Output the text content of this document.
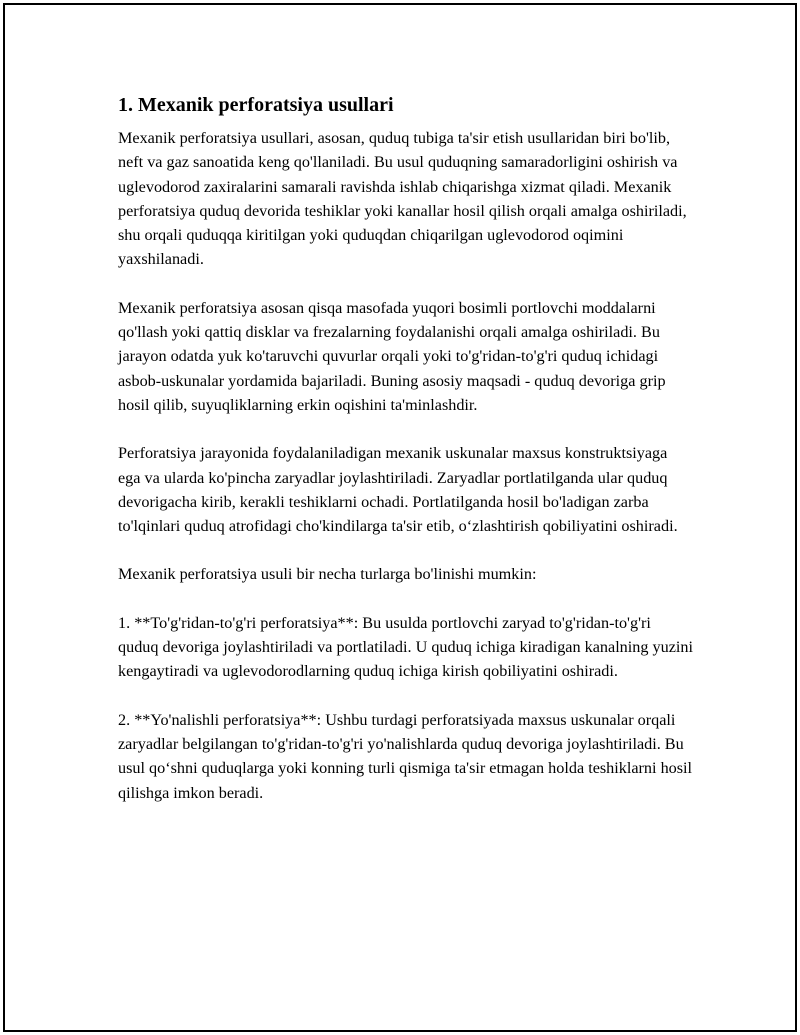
1. Mexanik perforatsiya usullari

Mexanik perforatsiya usullari, asosan, quduq tubiga ta'sir etish usullaridan biri bo'lib, neft va gaz sanoatida keng qo'llaniladi. Bu usul quduqning samaradorligini oshirish va uglevodorod zaxiralarini samarali ravishda ishlab chiqarishga xizmat qiladi. Mexanik perforatsiya quduq devorida teshiklar yoki kanallar hosil qilish orqali amalga oshiriladi, shu orqali quduqqa kiritilgan yoki quduqdan chiqarilgan uglevodorod oqimini yaxshilanadi.

Mexanik perforatsiya asosan qisqa masofada yuqori bosimli portlovchi moddalarni qo'llash yoki qattiq disklar va frezalarning foydalanishi orqali amalga oshiriladi. Bu jarayon odatda yuk ko'taruvchi quvurlar orqali yoki to'g'ridan-to'g'ri quduq ichidagi asbob-uskunalar yordamida bajariladi. Buning asosiy maqsadi - quduq devoriga grip hosil qilib, suyuqliklarning erkin oqishini ta'minlashdir.

Perforatsiya jarayonida foydalaniladigan mexanik uskunalar maxsus konstruktsiyaga ega va ularda ko'pincha zaryadlar joylashtiriladi. Zaryadlar portlatilganda ular quduq devorigacha kirib, kerakli teshiklarni ochadi. Portlatilganda hosil bo'ladigan zarba to'lqinlari quduq atrofidagi cho'kindilarga ta'sir etib, o‘zlashtirish qobiliyatini oshiradi.

Mexanik perforatsiya usuli bir necha turlarga bo'linishi mumkin:

1. **To'g'ridan-to'g'ri perforatsiya**: Bu usulda portlovchi zaryad to'g'ridan-to'g'ri quduq devoriga joylashtiriladi va portlatiladi. U quduq ichiga kiradigan kanalning yuzini kengaytiradi va uglevodorodlarning quduq ichiga kirish qobiliyatini oshiradi.

2. **Yo'nalishli perforatsiya**: Ushbu turdagi perforatsiyada maxsus uskunalar orqali zaryadlar belgilangan to'g'ridan-to'g'ri yo'nalishlarda quduq devoriga joylashtiriladi. Bu usul qo‘shni quduqlarga yoki konning turli qismiga ta'sir etmagan holda teshiklarni hosil qilishga imkon beradi.
